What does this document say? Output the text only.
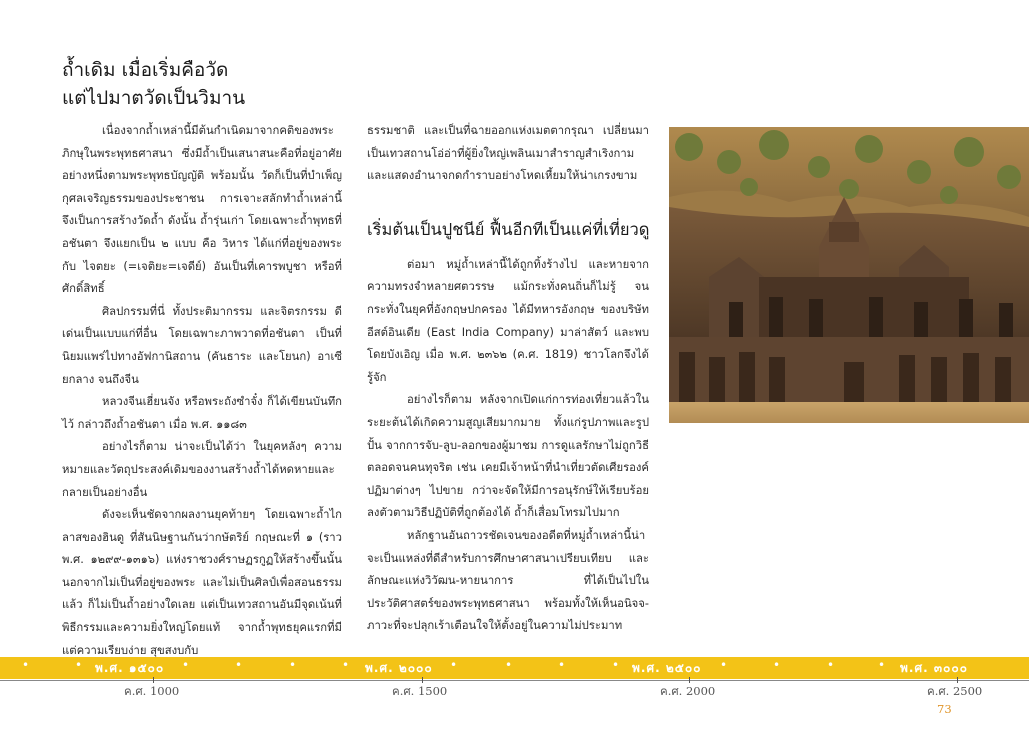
ถ้ำเดิม เมื่อเริ่มคือวัด
แต่ไปมาตวัดเป็นวิมาน

เนื่องจากถ้ำเหล่านี้มีต้นกำเนิดมาจากคติของพระภิกษุในพระพุทธศาสนา ซึ่งมีถ้ำเป็นเสนาสนะคือที่อยู่อาศัยอย่างหนึ่งตามพระพุทธบัญญัติ พร้อมนั้น วัดก็เป็นที่บำเพ็ญกุศลเจริญธรรมของประชาชน การเจาะสลักทำถ้ำเหล่านี้จึงเป็นการสร้างวัดถ้ำ ดังนั้น ถ้ำรุ่นเก่า โดยเฉพาะถ้ำพุทธที่ อชันตา จึงแยกเป็น ๒ แบบ คือ วิหาร ได้แก่ที่อยู่ของพระ กับ ไจตยะ (=เจติยะ=เจดีย์) อันเป็นที่เคารพบูชา หรือที่ศักดิ์สิทธิ์

ศิลปกรรมที่นี่ ทั้งประติมากรรม และจิตรกรรม ดีเด่นเป็นแบบแก่ที่อื่น โดยเฉพาะภาพวาดที่อชันตา เป็นที่นิยมแพร่ไปทางอัฟกานิสถาน (คันธาระ และโยนก) อาเซียกลาง จนถึงจีน

หลวงจีนเฮี่ยนจัง หรือพระถังซำจั๋ง ก็ได้เขียนบันทึกไว้ กล่าวถึงถ้ำอชันตา เมื่อ พ.ศ. ๑๑๘๓

อย่างไรก็ตาม น่าจะเป็นได้ว่า ในยุคหลังๆ ความหมายและวัตถุประสงค์เดิมของงานสร้างถ้ำได้หดหายและกลายเป็นอย่างอื่น

ดังจะเห็นชัดจากผลงานยุคท้ายๆ โดยเฉพาะถ้ำไกลาสของฮินดู ที่สันนิษฐานกันว่ากษัตริย์ กฤษณะที่ ๑ (ราว พ.ศ. ๑๒๙๙-๑๓๑๖) แห่งราชวงศ์ราษฏรกูฏให้สร้างขึ้นนั้น นอกจากไม่เป็นที่อยู่ของพระ และไม่เป็นศิลป์เพื่อสอนธรรมแล้ว ก็ไม่เป็นถ้ำอย่างใดเลย แต่เป็นเทวสถานอันมีจุดเน้นที่พิธีกรรมและความยิ่งใหญ่โดยแท้ จากถ้ำพุทธยุคแรกที่มีแต่ความเรียบง่าย สุขสงบกับ

ธรรมชาติ และเป็นที่ฉายออกแห่งเมตตากรุณา เปลี่ยนมาเป็นเทวสถานโอ่อ่าที่ผู้ยิ่งใหญ่เพลินเมาสำราญสำเริงกาม และแสดงอำนาจกดกำราบอย่างโหดเหี้ยมให้น่าเกรงขาม

เริ่มต้นเป็นปูชนีย์ ฟื้นอีกทีเป็นแค่ที่เที่ยวดู

ต่อมา หมู่ถ้ำเหล่านี้ได้ถูกทิ้งร้างไป และหายจากความทรงจำหลายศตวรรษ แม้กระทั่งคนถิ่นก็ไม่รู้ จนกระทั่งในยุคที่อังกฤษปกครอง ได้มีทหารอังกฤษ ของบริษัท อีสต์อินเดีย (East India Company) มาล่าสัตว์ และพบโดยบังเอิญ เมื่อ พ.ศ. ๒๓๖๒ (ค.ศ. 1819) ชาวโลกจึงได้รู้จัก

อย่างไรก็ตาม หลังจากเปิดแก่การท่องเที่ยวแล้วในระยะต้นได้เกิดความสูญเสียมากมาย ทั้งแก่รูปภาพและรูปปั้น จากการจับ-ลูบ-ลอกของผู้มาชม การดูแลรักษาไม่ถูกวิธี ตลอดจนคนทุจริต เช่น เคยมีเจ้าหน้าที่นำเที่ยวตัดเศียรองค์ปฏิมาต่างๆ ไปขาย กว่าจะจัดให้มีการอนุรักษ์ให้เรียบร้อยลงตัวตามวิธีปฏิบัติที่ถูกต้องได้ ถ้ำก็เสื่อมโทรมไปมาก

หลักฐานอันถาวรชัดเจนของอดีตที่หมู่ถ้ำเหล่านี้น่าจะเป็นแหล่งที่ดีสำหรับการศึกษาศาสนาเปรียบเทียบ และลักษณะแห่งวิวัฒน-หายนาการ ที่ได้เป็นไปในประวัติศาสตร์ของพระพุทธศาสนา พร้อมทั้งให้เห็นอนิจจ-ภาวะที่จะปลุกเร้าเตือนใจให้ตั้งอยู่ในความไม่ประมาท

•	• พ.ศ. ๑๕๐๐ •	•	•	• พ.ศ. ๒๐๐๐ •	•	•	• พ.ศ. ๒๕๐๐ •	•	•	• พ.ศ. ๓๐๐๐
ค.ศ. 1000	ค.ศ. 1500	ค.ศ. 2000	ค.ศ. 2500
73
